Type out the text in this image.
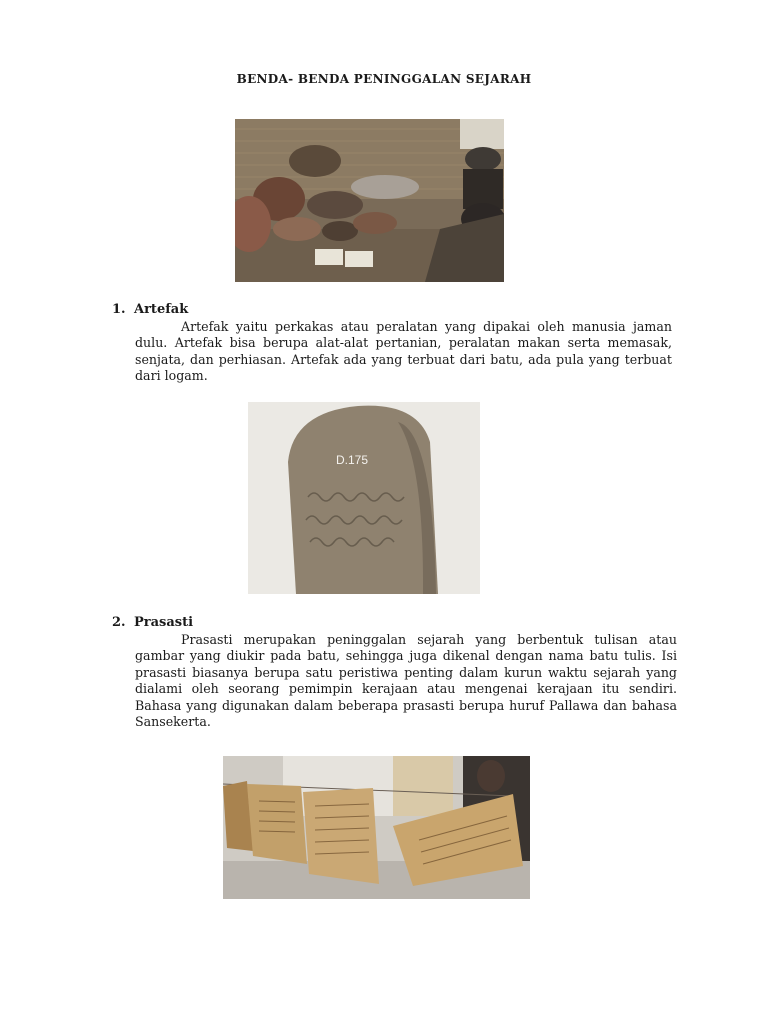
BENDA- BENDA PENINGGALAN SEJARAH
1. Artefak

Artefak yaitu perkakas atau peralatan yang dipakai oleh manusia jaman dulu. Artefak bisa berupa alat-alat pertanian, peralatan makan serta memasak, senjata, dan perhiasan. Artefak ada yang terbuat dari batu, ada pula yang terbuat dari logam.

D.175
2. Prasasti

Prasasti merupakan peninggalan sejarah yang berbentuk tulisan atau gambar yang diukir pada batu, sehingga juga dikenal dengan nama batu tulis. Isi prasasti biasanya berupa satu peristiwa penting dalam kurun waktu sejarah yang dialami oleh seorang pemimpin kerajaan atau mengenai kerajaan itu sendiri. Bahasa yang digunakan dalam beberapa prasasti berupa huruf Pallawa dan bahasa Sansekerta.
